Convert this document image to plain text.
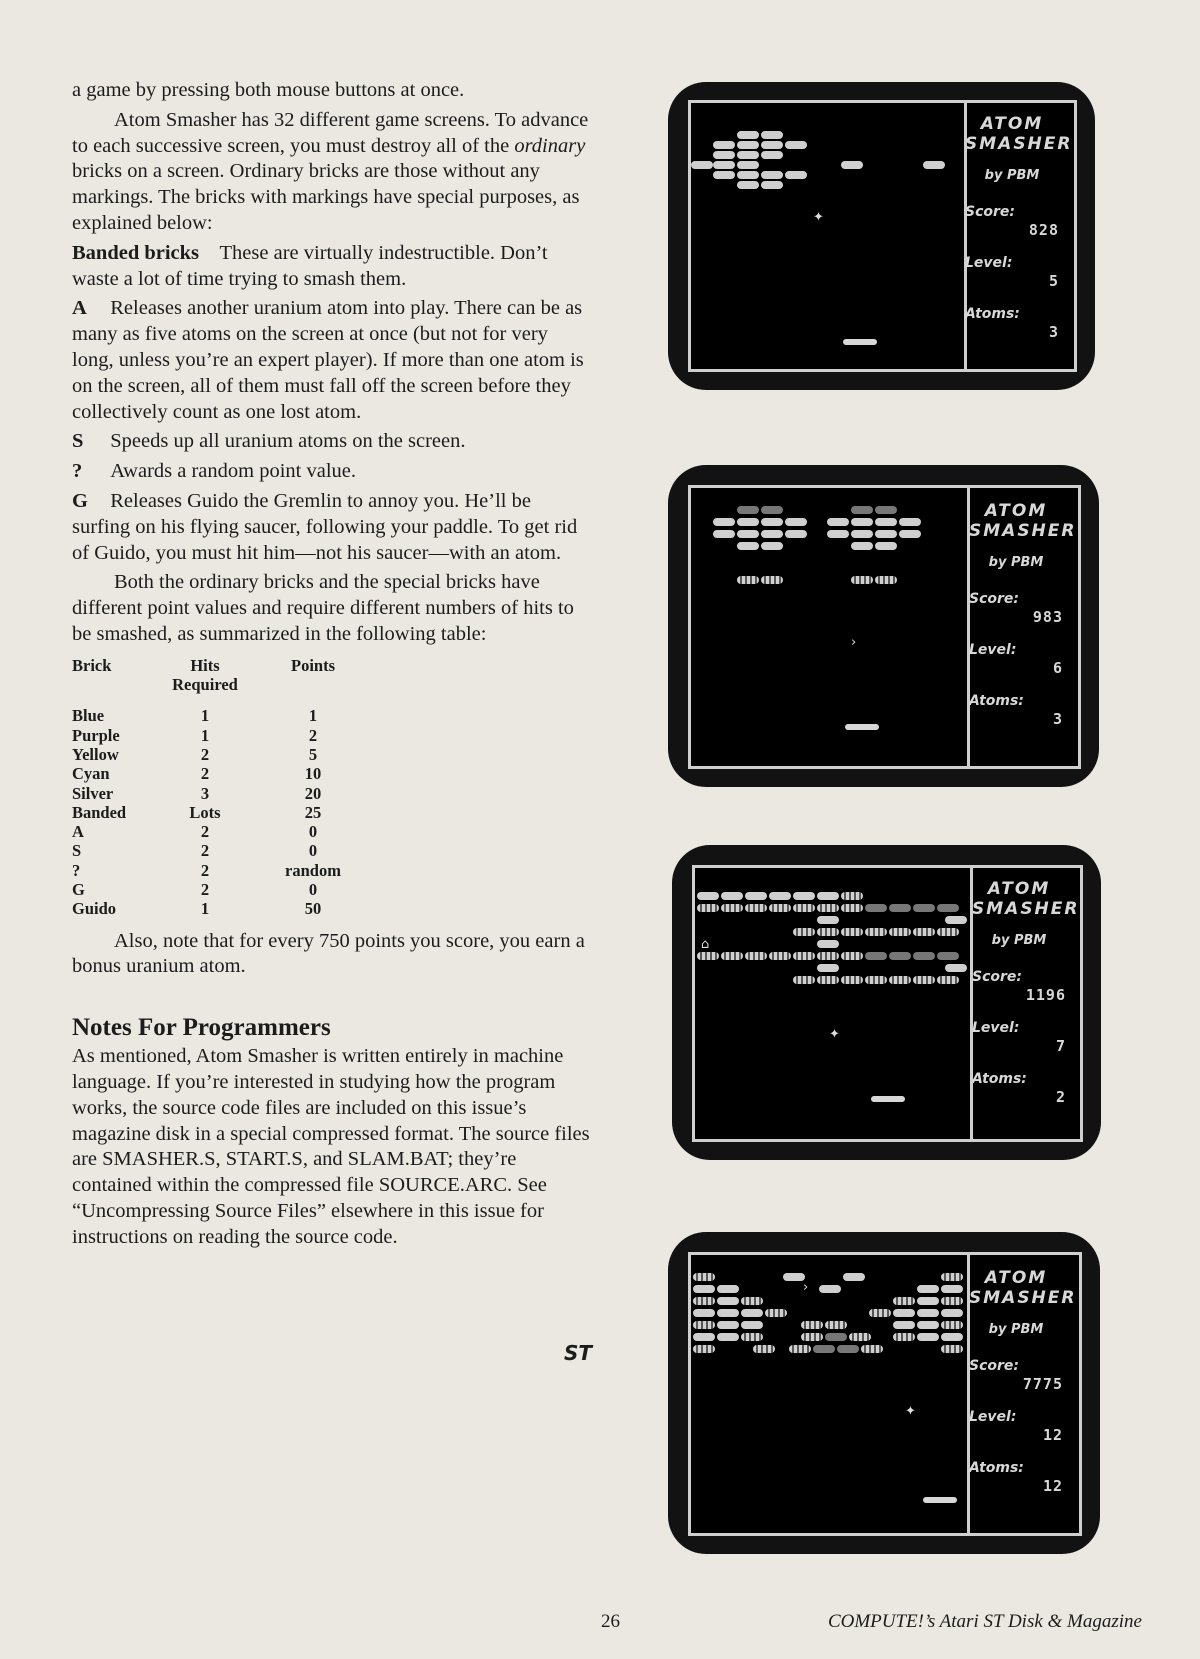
a game by pressing both mouse buttons at once.

Atom Smasher has 32 different game screens. To advance to each successive screen, you must destroy all of the ordinary bricks on a screen. Ordinary bricks are those without any markings. The bricks with markings have special purposes, as explained below:

Banded bricks These are virtually indestructible. Don’t waste a lot of time trying to smash them.

A Releases another uranium atom into play. There can be as many as five atoms on the screen at once (but not for very long, unless you’re an expert player). If more than one atom is on the screen, all of them must fall off the screen before they collectively count as one lost atom.

S Speeds up all uranium atoms on the screen.

? Awards a random point value.

G Releases Guido the Gremlin to annoy you. He’ll be surfing on his flying saucer, following your paddle. To get rid of Guido, you must hit him—not his saucer—with an atom.

Both the ordinary bricks and the special bricks have different point values and require different numbers of hits to be smashed, as summarized in the following table:

Brick	Hits Required	Points
Blue	1	1
Purple	1	2
Yellow	2	5
Cyan	2	10
Silver	3	20
Banded	Lots	25
A	2	0
S	2	0
?	2	random
G	2	0
Guido	1	50

Also, note that for every 750 points you score, you earn a bonus uranium atom.

Notes For Programmers

As mentioned, Atom Smasher is written entirely in machine language. If you’re interested in studying how the program works, the source code files are included on this issue’s magazine disk in a special compressed format. The source files are SMASHER.S, START.S, and SLAM.BAT; they’re contained within the compressed file SOURCE.ARC. See “Uncompressing Source Files” elsewhere in this issue for instructions on reading the source code.

ST
✦
ATOM
SMASHER
by PBM
Score:
828
Level:
5
Atoms:
3
›
ATOM
SMASHER
by PBM
Score:
983
Level:
6
Atoms:
3
⌂
✦
ATOM
SMASHER
by PBM
Score:
1196
Level:
7
Atoms:
2
›
✦
ATOM
SMASHER
by PBM
Score:
7775
Level:
12
Atoms:
12
26	COMPUTE!’s Atari ST Disk & Magazine
